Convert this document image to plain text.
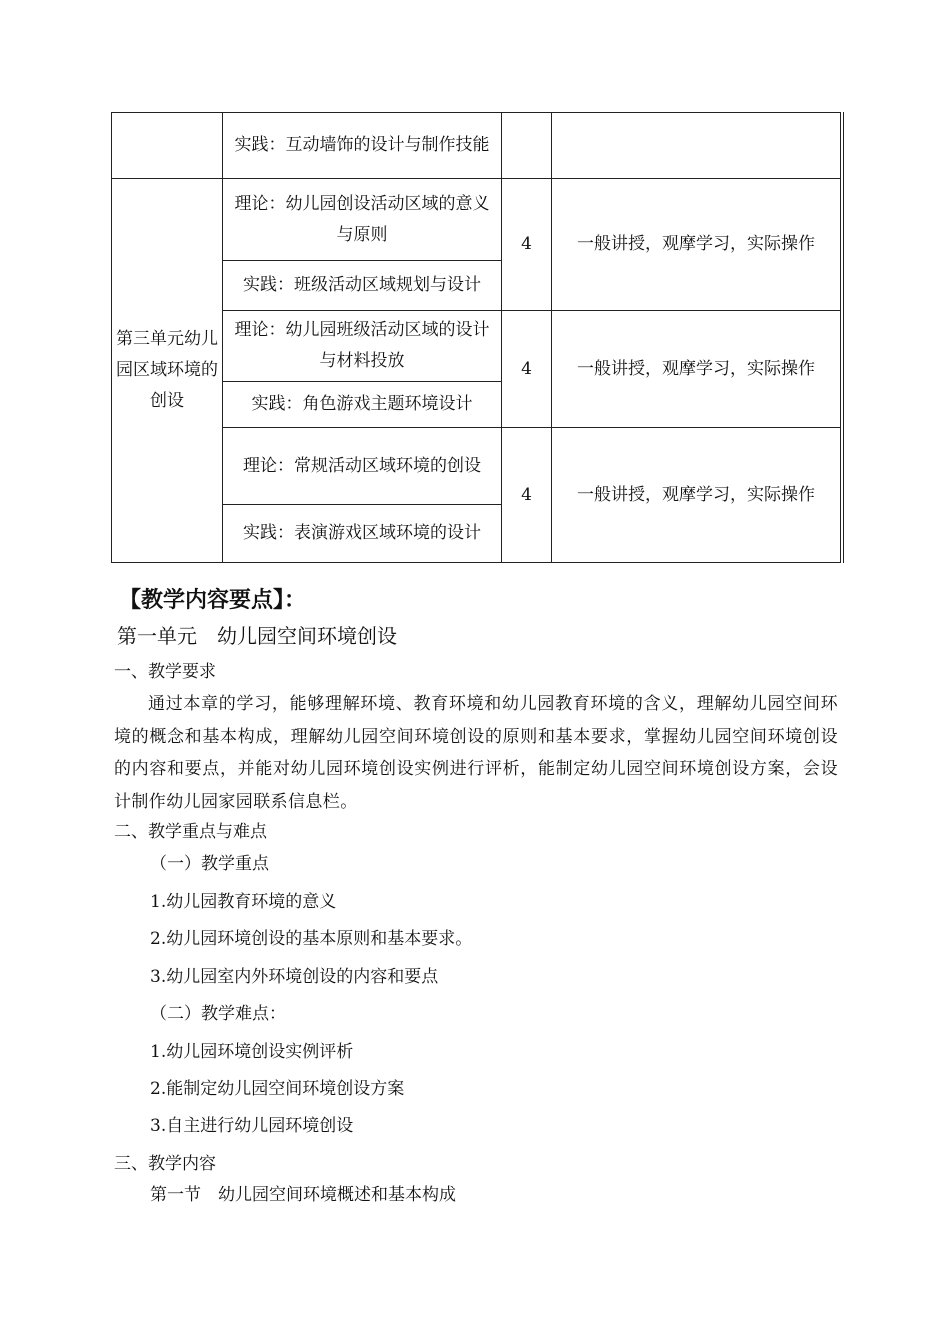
	实践：互动墙饰的设计与制作技能		
第三单元幼儿园区域环境的创设	理论：幼儿园创设活动区域的意义与原则	4	一般讲授，观摩学习，实际操作
	实践：班级活动区域规划与设计		
	理论：幼儿园班级活动区域的设计与材料投放	4	一般讲授，观摩学习，实际操作
	实践：角色游戏主题环境设计		
	理论：常规活动区域环境的创设	4	一般讲授，观摩学习，实际操作
	实践：表演游戏区域环境的设计		
【教学内容要点】：
第一单元　幼儿园空间环境创设
一、教学要求
通过本章的学习，能够理解环境、教育环境和幼儿园教育环境的含义，理解幼儿园空间环境的概念和基本构成，理解幼儿园空间环境创设的原则和基本要求，掌握幼儿园空间环境创设的内容和要点，并能对幼儿园环境创设实例进行评析，能制定幼儿园空间环境创设方案，会设计制作幼儿园家园联系信息栏。
二、教学重点与难点
（一）教学重点
1.幼儿园教育环境的意义
2.幼儿园环境创设的基本原则和基本要求。
3.幼儿园室内外环境创设的内容和要点
（二）教学难点：
1.幼儿园环境创设实例评析
2.能制定幼儿园空间环境创设方案
3.自主进行幼儿园环境创设
三、教学内容
第一节　幼儿园空间环境概述和基本构成
